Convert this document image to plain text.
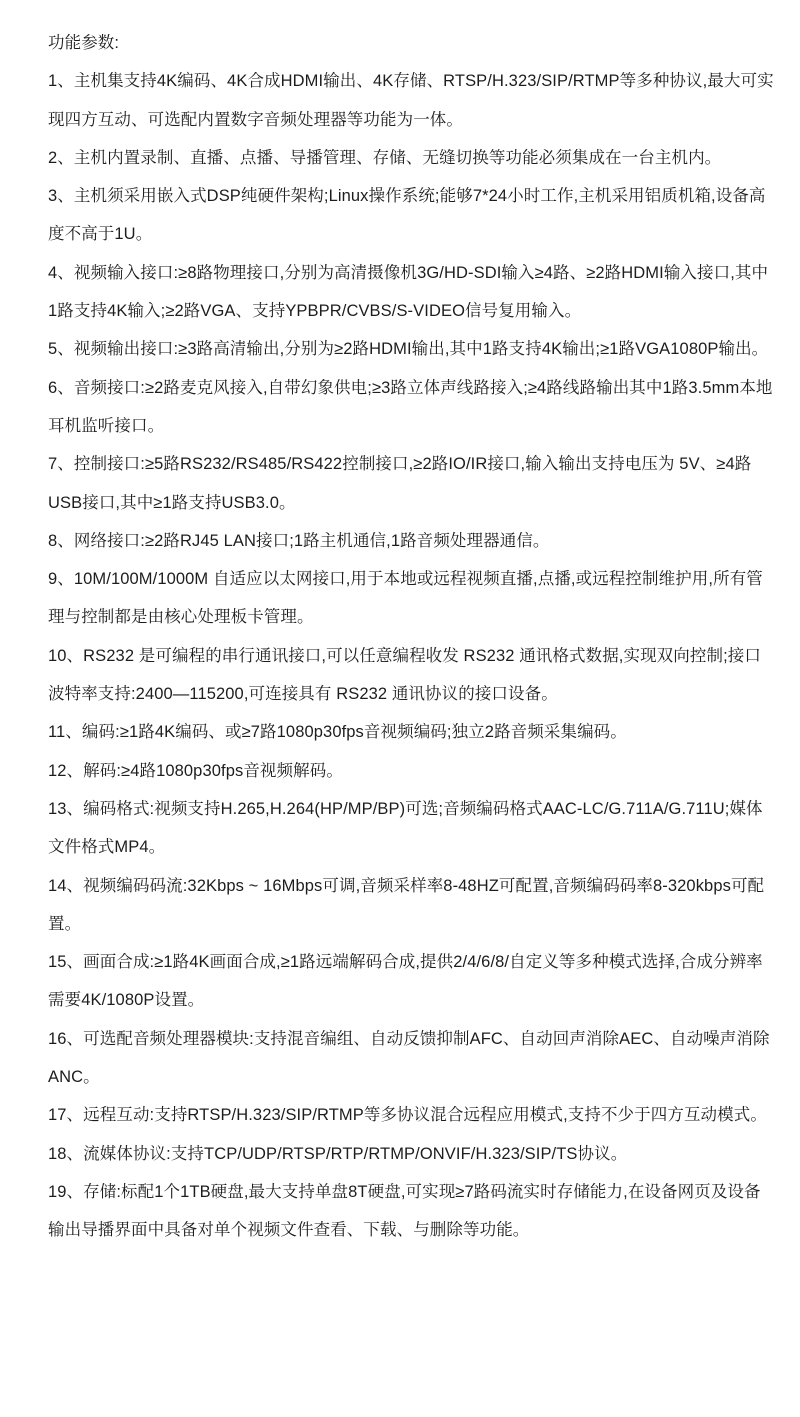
功能参数:

1、主机集支持4K编码、4K合成HDMI输出、4K存储、RTSP/H.323/SIP/RTMP等多种协议,最大可实现四方互动、可选配内置数字音频处理器等功能为一体。

2、主机内置录制、直播、点播、导播管理、存储、无缝切换等功能必须集成在一台主机内。

3、主机须采用嵌入式DSP纯硬件架构;Linux操作系统;能够7*24小时工作,主机采用铝质机箱,设备高度不高于1U。

4、视频输入接口:≥8路物理接口,分别为高清摄像机3G/HD-SDI输入≥4路、≥2路HDMI输入接口,其中1路支持4K输入;≥2路VGA、支持YPBPR/CVBS/S-VIDEO信号复用输入。

5、视频输出接口:≥3路高清输出,分别为≥2路HDMI输出,其中1路支持4K输出;≥1路VGA1080P输出。

6、音频接口:≥2路麦克风接入,自带幻象供电;≥3路立体声线路接入;≥4路线路输出其中1路3.5mm本地耳机监听接口。

7、控制接口:≥5路RS232/RS485/RS422控制接口,≥2路IO/IR接口,输入输出支持电压为 5V、≥4路USB接口,其中≥1路支持USB3.0。

8、网络接口:≥2路RJ45 LAN接口;1路主机通信,1路音频处理器通信。

9、10M/100M/1000M 自适应以太网接口,用于本地或远程视频直播,点播,或远程控制维护用,所有管理与控制都是由核心处理板卡管理。

10、RS232 是可编程的串行通讯接口,可以任意编程收发 RS232 通讯格式数据,实现双向控制;接口波特率支持:2400—115200,可连接具有 RS232 通讯协议的接口设备。

11、编码:≥1路4K编码、或≥7路1080p30fps音视频编码;独立2路音频采集编码。

12、解码:≥4路1080p30fps音视频解码。

13、编码格式:视频支持H.265,H.264(HP/MP/BP)可选;音频编码格式AAC-LC/G.711A/G.711U;媒体文件格式MP4。

14、视频编码码流:32Kbps ~ 16Mbps可调,音频采样率8-48HZ可配置,音频编码码率8-320kbps可配置。

15、画面合成:≥1路4K画面合成,≥1路远端解码合成,提供2/4/6/8/自定义等多种模式选择,合成分辨率需要4K/1080P设置。

16、可选配音频处理器模块:支持混音编组、自动反馈抑制AFC、自动回声消除AEC、自动噪声消除ANC。

17、远程互动:支持RTSP/H.323/SIP/RTMP等多协议混合远程应用模式,支持不少于四方互动模式。

18、流媒体协议:支持TCP/UDP/RTSP/RTP/RTMP/ONVIF/H.323/SIP/TS协议。

19、存储:标配1个1TB硬盘,最大支持单盘8T硬盘,可实现≥7路码流实时存储能力,在设备网页及设备输出导播界面中具备对单个视频文件查看、下载、与删除等功能。
